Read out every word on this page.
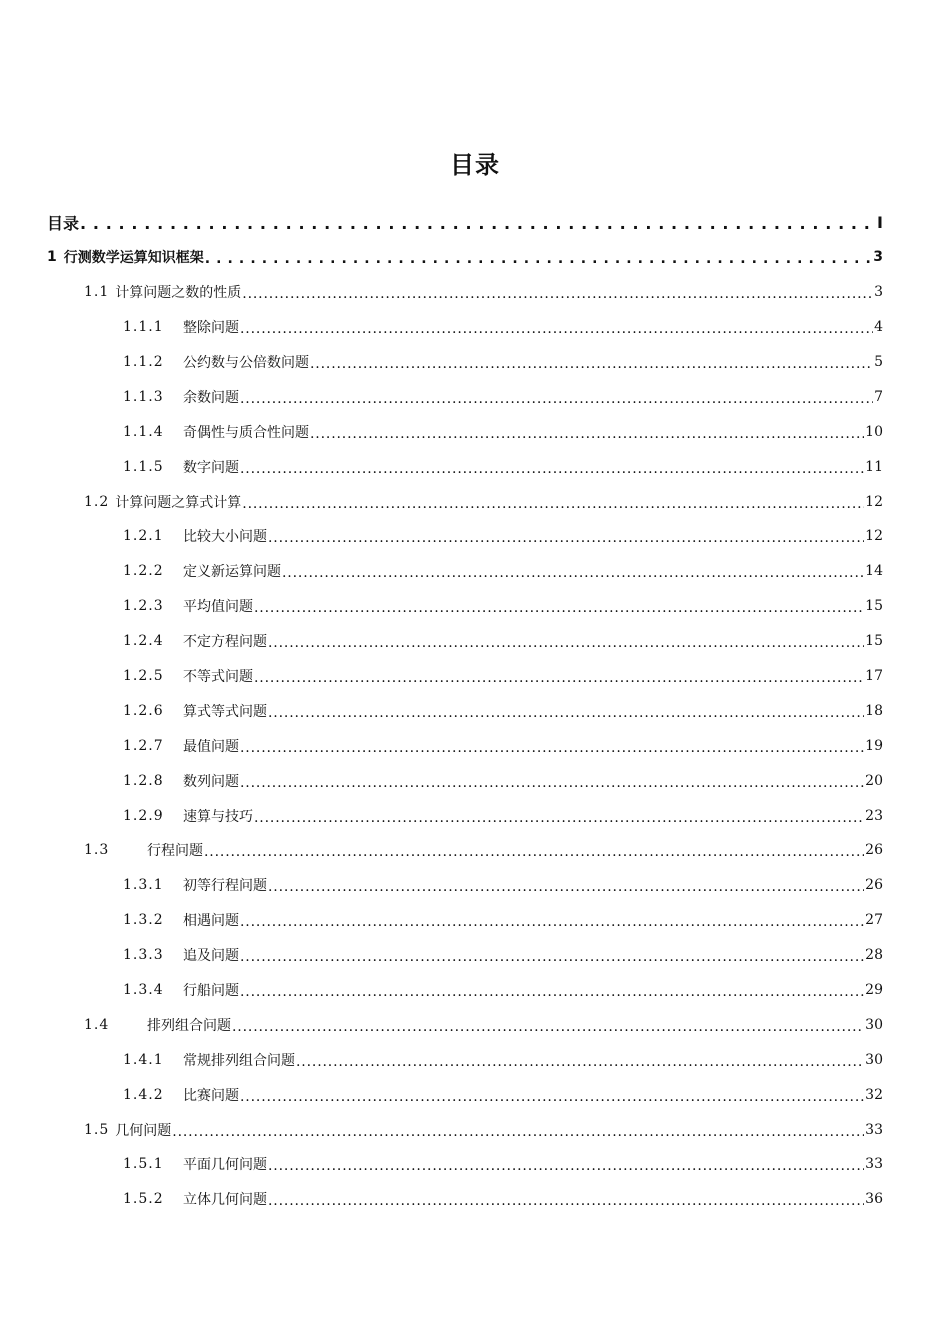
目录
目录 . . .	I
1 行测数学运算知识框架 . . .	3
1.1 计算问题之数的性质 . . .	3
1.1.1	整除问题 . . .	4
1.1.2	公约数与公倍数问题 . . .	5
1.1.3	余数问题 . . .	7
1.1.4	奇偶性与质合性问题 . . .	10
1.1.5	数字问题 . . .	11
1.2 计算问题之算式计算 . . .	12
1.2.1	比较大小问题 . . .	12
1.2.2	定义新运算问题 . . .	14
1.2.3	平均值问题 . . .	15
1.2.4	不定方程问题 . . .	15
1.2.5	不等式问题 . . .	17
1.2.6	算式等式问题 . . .	18
1.2.7	最值问题 . . .	19
1.2.8	数列问题 . . .	20
1.2.9	速算与技巧 . . .	23
1.3	行程问题 . . .	26
1.3.1	初等行程问题 . . .	26
1.3.2	相遇问题 . . .	27
1.3.3	追及问题 . . .	28
1.3.4	行船问题 . . .	29
1.4	排列组合问题 . . .	30
1.4.1	常规排列组合问题 . . .	30
1.4.2	比赛问题 . . .	32
1.5 几何问题 . . .	33
1.5.1	平面几何问题 . . .	33
1.5.2	立体几何问题 . . .	36
